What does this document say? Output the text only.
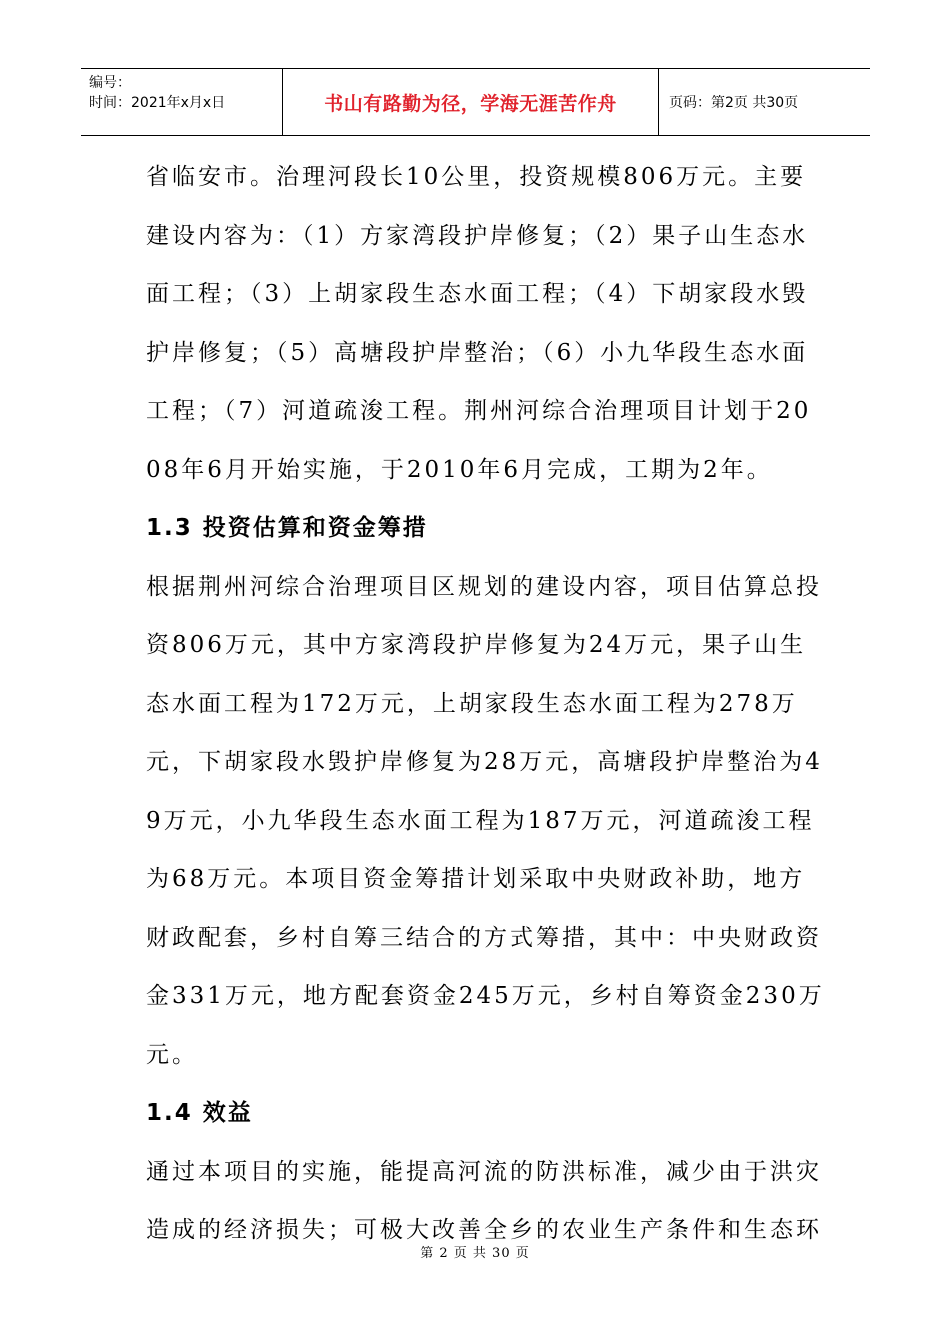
编号：
时间：2021年x月x日	书山有路勤为径，学海无涯苦作舟	页码：第2页 共30页

省临安市。治理河段长10公里，投资规模806万元。主要建设内容为：（1）方家湾段护岸修复；（2）果子山生态水面工程；（3）上胡家段生态水面工程；（4）下胡家段水毁护岸修复；（5）高塘段护岸整治；（6）小九华段生态水面工程；（7）河道疏浚工程。荆州河综合治理项目计划于2008年6月开始实施，于2010年6月完成，工期为2年。

1.3 投资估算和资金筹措

根据荆州河综合治理项目区规划的建设内容，项目估算总投资806万元，其中方家湾段护岸修复为24万元，果子山生态水面工程为172万元，上胡家段生态水面工程为278万元，下胡家段水毁护岸修复为28万元，高塘段护岸整治为49万元，小九华段生态水面工程为187万元，河道疏浚工程为68万元。本项目资金筹措计划采取中央财政补助，地方财政配套，乡村自筹三结合的方式筹措，其中：中央财政资金331万元，地方配套资金245万元，乡村自筹资金230万元。

1.4 效益

通过本项目的实施，能提高河流的防洪标准，减少由于洪灾造成的经济损失；可极大改善全乡的农业生产条件和生态环

第 2 页 共 30 页
